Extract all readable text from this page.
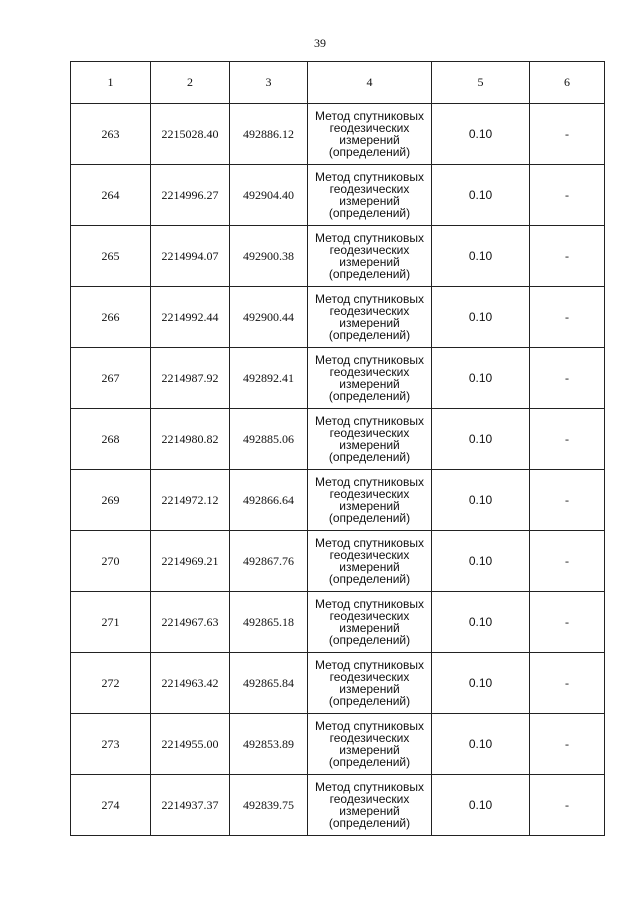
39
1	2	3	4	5	6
263	2215028.40	492886.12	Метод спутниковых
геодезических
измерений
(определений)	0.10	-
264	2214996.27	492904.40	Метод спутниковых
геодезических
измерений
(определений)	0.10	-
265	2214994.07	492900.38	Метод спутниковых
геодезических
измерений
(определений)	0.10	-
266	2214992.44	492900.44	Метод спутниковых
геодезических
измерений
(определений)	0.10	-
267	2214987.92	492892.41	Метод спутниковых
геодезических
измерений
(определений)	0.10	-
268	2214980.82	492885.06	Метод спутниковых
геодезических
измерений
(определений)	0.10	-
269	2214972.12	492866.64	Метод спутниковых
геодезических
измерений
(определений)	0.10	-
270	2214969.21	492867.76	Метод спутниковых
геодезических
измерений
(определений)	0.10	-
271	2214967.63	492865.18	Метод спутниковых
геодезических
измерений
(определений)	0.10	-
272	2214963.42	492865.84	Метод спутниковых
геодезических
измерений
(определений)	0.10	-
273	2214955.00	492853.89	Метод спутниковых
геодезических
измерений
(определений)	0.10	-
274	2214937.37	492839.75	Метод спутниковых
геодезических
измерений
(определений)	0.10	-
